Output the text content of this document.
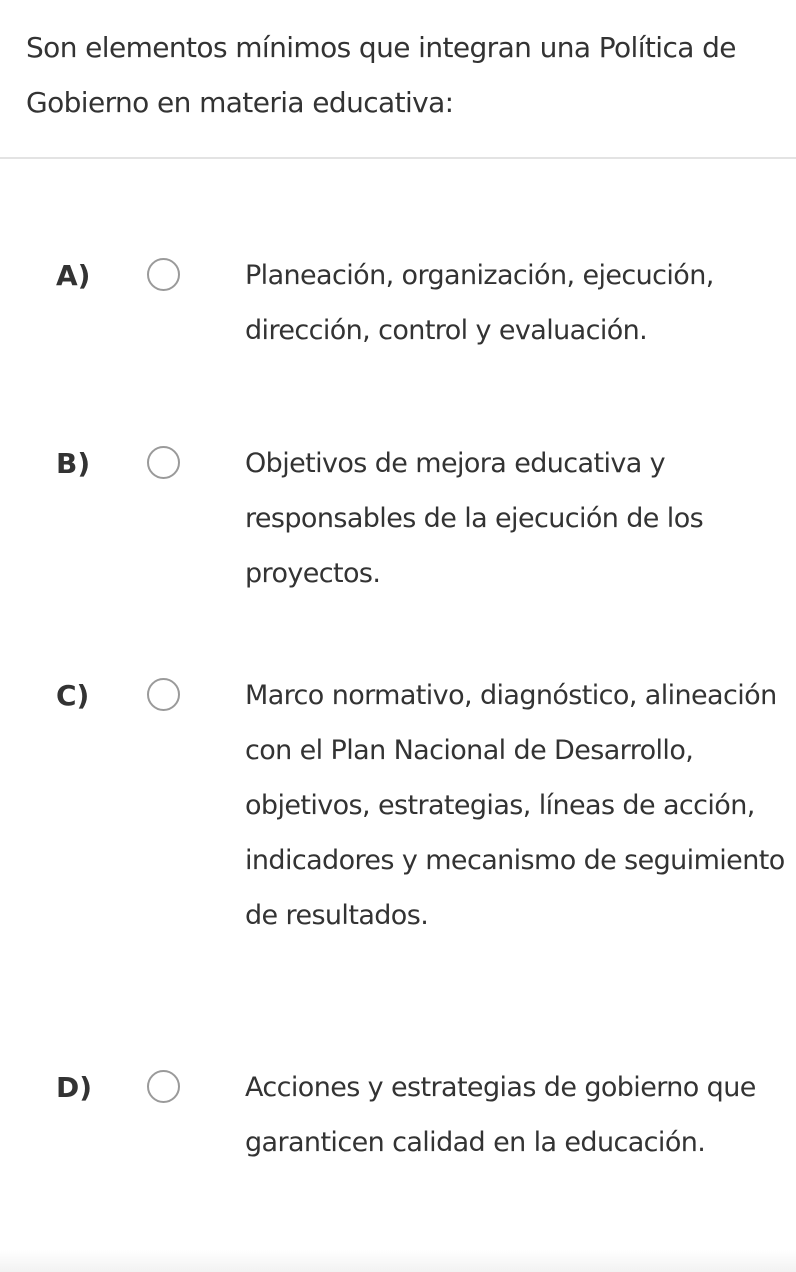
Son elementos mínimos que integran una Política de Gobierno en materia educativa:
A)	Planeación, organización, ejecución, dirección, control y evaluación.
B)	Objetivos de mejora educativa y responsables de la ejecución de los proyectos.
C)	Marco normativo, diagnóstico, alineación con el Plan Nacional de Desarrollo, objetivos, estrategias, líneas de acción, indicadores y mecanismo de seguimiento de resultados.
D)	Acciones y estrategias de gobierno que garanticen calidad en la educación.
